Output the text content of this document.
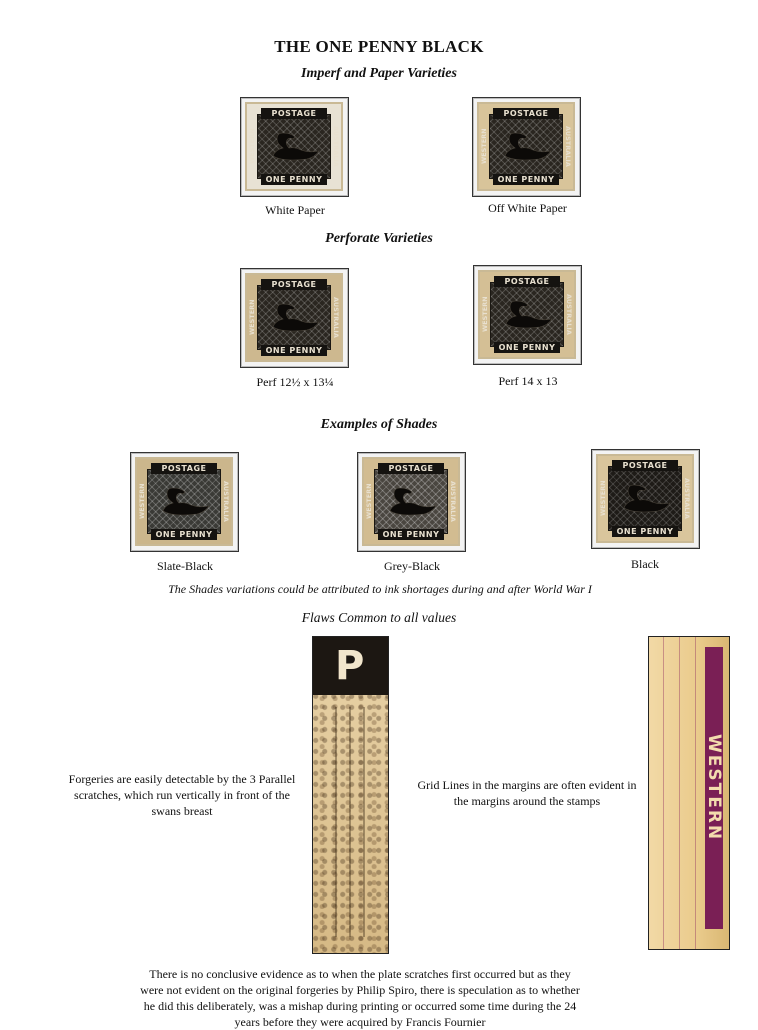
THE ONE PENNY BLACK
Imperf and Paper Varieties
POSTAGE
ONE PENNY
WESTERN	AUSTRALIA
POSTAGE
ONE PENNY
WESTERN	AUSTRALIA
White Paper	Off White Paper
Perforate Varieties
POSTAGE
ONE PENNY
WESTERN	AUSTRALIA
POSTAGE
ONE PENNY
WESTERN	AUSTRALIA
Perf 12½ x 13¼	Perf 14 x 13
Examples of Shades
POSTAGE
ONE PENNY
WESTERN	AUSTRALIA
POSTAGE
ONE PENNY
WESTERN	AUSTRALIA
POSTAGE
ONE PENNY
WESTERN	AUSTRALIA
Slate-Black	Grey-Black	Black
The Shades variations could be attributed to ink shortages during and after World War I
Flaws Common to all values
P
Forgeries are easily detectable by the 3 Parallel scratches, which run vertically in front of the swans breast
Grid Lines in the margins are often evident in the margins around the stamps	WESTERN
There is no conclusive evidence as to when the plate scratches first occurred but as they
were not evident on the original forgeries by Philip Spiro, there is speculation as to whether
he did this deliberately, was a mishap during printing or occurred some time during the 24
years before they were acquired by Francis Fournier
